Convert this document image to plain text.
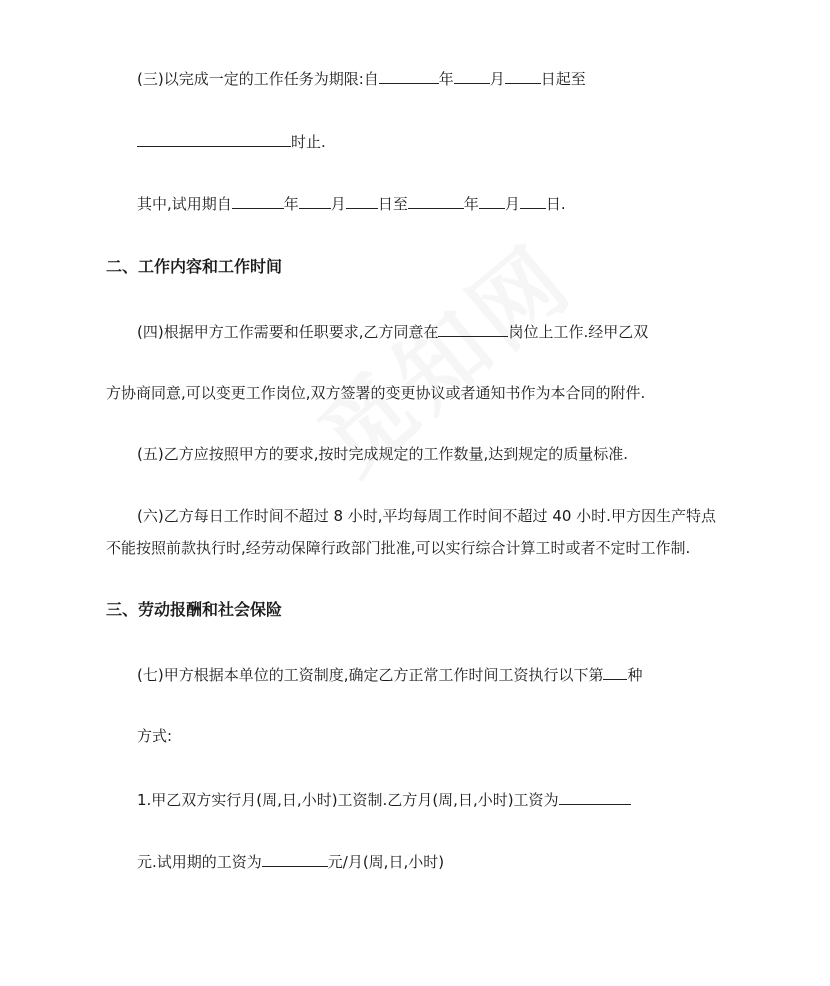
(三)以完成一定的工作任务为期限:自	年 月 日起至
时止.
其中,试用期自	年 月 日至	年 月 日.
二、工作内容和工作时间
(四)根据甲方工作需要和任职要求,乙方同意在	岗位上工作.经甲乙双
方协商同意,可以变更工作岗位,双方签署的变更协议或者通知书作为本合同的附件.
(五)乙方应按照甲方的要求,按时完成规定的工作数量,达到规定的质量标准.
(六)乙方每日工作时间不超过 8 小时,平均每周工作时间不超过 40 小时.甲方因生产特点
不能按照前款执行时,经劳动保障行政部门批准,可以实行综合计算工时或者不定时工作制.
三、劳动报酬和社会保险
(七)甲方根据本单位的工资制度,确定乙方正常工作时间工资执行以下第 种
方式:
1.甲乙双方实行月(周,日,小时)工资制.乙方月(周,日,小时)工资为
元.试用期的工资为	元/月(周,日,小时)
